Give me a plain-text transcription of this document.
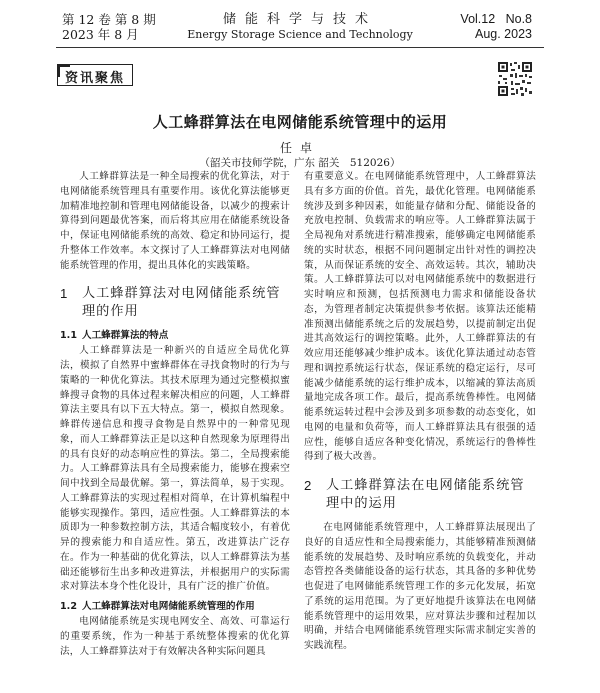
第 12 卷 第 8 期
2023 年 8 月
储能科学与技术
Energy Storage Science and Technology
Vol.12   No.8
Aug. 2023
资讯聚焦
人工蜂群算法在电网储能系统管理中的运用
任卓
（韶关市技师学院，广东 韶关　512026）

人工蜂群算法是一种全局搜索的优化算法，对于电网储能系统管理具有重要作用。该优化算法能够更加精准地控制和管理电网储能设备，以减少的搜索计算得到问题最优答案，而后将其应用在储能系统设备中，保证电网储能系统的高效、稳定和协同运行，提升整体工作效率。本文探讨了人工蜂群算法对电网储能系统管理的作用，提出具体化的实践策略。

1	人工蜂群算法对电网储能系统管理的作用
1.1 人工蜂群算法的特点

人工蜂群算法是一种新兴的自适应全局优化算法，模拟了自然界中蜜蜂群体在寻找食物时的行为与策略的一种优化算法。其技术原理为通过完整模拟蜜蜂搜寻食物的具体过程来解决相应的问题，人工蜂群算法主要具有以下五大特点。第一，模拟自然现象。蜂群传递信息和搜寻食物是自然界中的一种常见现象，而人工蜂群算法正是以这种自然现象为原理得出的具有良好的动态响应性的算法。第二，全局搜索能力。人工蜂群算法具有全局搜索能力，能够在搜索空间中找到全局最优解。第一，算法简单，易于实现。人工蜂群算法的实现过程相对简单，在计算机编程中能够实现操作。第四，适应性强。人工蜂群算法的本质即为一种参数控制方法，其适合幅度较小，有着优异的搜索能力和自适应性。第五，改进算法广泛存在。作为一种基础的优化算法，以人工蜂群算法为基础还能够衍生出多种改进算法，并根据用户的实际需求对算法本身个性化设计，具有广泛的推广价值。

1.2 人工蜂群算法对电网储能系统管理的作用

电网储能系统是实现电网安全、高效、可靠运行的重要系统，作为一种基于系统整体搜索的优化算法，人工蜂群算法对于有效解决各种实际问题具

有重要意义。在电网储能系统管理中，人工蜂群算法具有多方面的价值。首先，最优化管理。电网储能系统涉及到多种因素，如能量存储和分配、储能设备的充放电控制、负载需求的响应等。人工蜂群算法属于全局视角对系统进行精准搜索，能够确定电网储能系统的实时状态，根据不同问题制定出针对性的调控决策，从而保证系统的安全、高效运转。其次，辅助决策。人工蜂群算法可以对电网储能系统中的数据进行实时响应和预测，包括预测电力需求和储能设备状态，为管理者制定决策提供参考依据。该算法还能精准预测出储能系统之后的发展趋势，以提前制定出促进其高效运行的调控策略。此外，人工蜂群算法的有效应用还能够减少维护成本。该优化算法通过动态管理和调控系统运行状态，保证系统的稳定运行，尽可能减少储能系统的运行维护成本，以缩减的算法高质量地完成各项工作。最后，提高系统鲁棒性。电网储能系统运转过程中会涉及到多项参数的动态变化，如电网的电量和负荷等，而人工蜂群算法具有很强的适应性，能够自适应各种变化情况，系统运行的鲁棒性得到了极大改善。

2	人工蜂群算法在电网储能系统管理中的运用

在电网储能系统管理中，人工蜂群算法展现出了良好的自适应性和全局搜索能力，其能够精准预测储能系统的发展趋势、及时响应系统的负载变化，并动态管控各类储能设备的运行状态，其具备的多种优势也促进了电网储能系统管理工作的多元化发展，拓宽了系统的运用范围。为了更好地提升该算法在电网储能系统管理中的运用效果，应对算法步骤和过程加以明确，并结合电网储能系统管理实际需求制定实善的实践流程。
